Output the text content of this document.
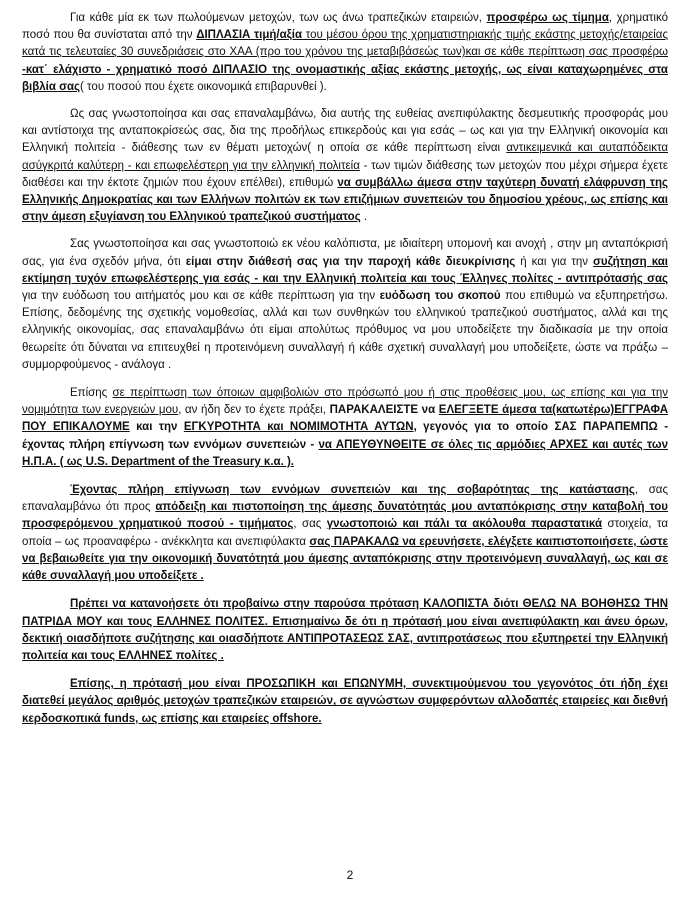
Για κάθε μία εκ των πωλούμενων μετοχών, των ως άνω τραπεζικών εταιρειών, προσφέρω ως τίμημα, χρηματικό ποσό που θα συνίσταται από την ΔΙΠΛΑΣΙΑ τιμή/αξία του μέσου όρου της χρηματιστηριακής τιμής εκάστης μετοχής/εταιρείας κατά τις τελευταίες 30 συνεδριάσεις στο ΧΑΑ (προ του χρόνου της μεταβιβάσεώς των)και σε κάθε περίπτωση σας προσφέρω -κατ΄ ελάχιστο - χρηματικό ποσό ΔΙΠΛΑΣΙΟ της ονομαστικής αξίας εκάστης μετοχής, ως είναι καταχωρημένες στα βιβλία σας( του ποσού που έχετε οικονομικά επιβαρυνθεί ).

Ως σας γνωστοποίησα και σας επαναλαμβάνω, δια αυτής της ευθείας ανεπιφύλακτης δεσμευτικής προσφοράς μου και αντίστοιχα της ανταποκρίσεώς σας, δια της προδήλως επικερδούς και για εσάς – ως και για την Ελληνική οικονομία και Ελληνική πολιτεία - διάθεσης των εν θέματι μετοχών( η οποία σε κάθε περίπτωση είναι αντικειμενικά και αυταπόδεικτα ασύγκριτά καλύτερη - και επωφελέστερη για την ελληνική πολιτεία - των τιμών διάθεσης των μετοχών που μέχρι σήμερα έχετε διαθέσει και την έκτοτε ζημιών που έχουν επέλθει), επιθυμώ να συμβάλλω άμεσα στην ταχύτερη δυνατή ελάφρυνση της Ελληνικής Δημοκρατίας και των Ελλήνων πολιτών εκ των επιζήμιων συνεπειών του δημοσίου χρέους, ως επίσης και στην άμεση εξυγίανση του Ελληνικού τραπεζικού συστήματος .

Σας γνωστοποίησα και σας γνωστοποιώ εκ νέου καλόπιστα, με ιδιαίτερη υπομονή και ανοχή , στην μη ανταπόκρισή σας, για ένα σχεδόν μήνα, ότι είμαι στην διάθεσή σας για την παροχή κάθε διευκρίνισης ή και για την συζήτηση και εκτίμηση τυχόν επωφελέστερης για εσάς - και την Ελληνική πολιτεία και τους Έλληνες πολίτες - αντιπρότασής σας για την ευόδωση του αιτήματός μου και σε κάθε περίπτωση για την ευόδωση του σκοπού που επιθυμώ να εξυπηρετήσω. Επίσης, δεδομένης της σχετικής νομοθεσίας, αλλά και των συνθηκών του ελληνικού τραπεζικού συστήματος, αλλά και της ελληνικής οικονομίας, σας επαναλαμβάνω ότι είμαι απολύτως πρόθυμος να μου υποδείξετε την διαδικασία με την οποία θεωρείτε ότι δύναται να επιτευχθεί η προτεινόμενη συναλλαγή ή κάθε σχετική συναλλαγή μου υποδείξετε, ώστε να πράξω – συμμορφούμενος - ανάλογα .

Επίσης σε περίπτωση των όποιων αμφιβολιών στο πρόσωπό μου ή στις προθέσεις μου, ως επίσης και για την νομιμότητα των ενεργειών μου, αν ήδη δεν το έχετε πράξει, ΠΑΡΑΚΑΛΕΙΣΤΕ να ΕΛΕΓΞΕΤΕ άμεσα τα(κατωτέρω)ΕΓΓΡΑΦΑ ΠΟΥ ΕΠΙΚΑΛΟΥΜΕ και την ΕΓΚΥΡΟΤΗΤΑ και ΝΟΜΙΜΟΤΗΤΑ ΑΥΤΩΝ, γεγονός για το οποίο ΣΑΣ ΠΑΡΑΠΕΜΠΩ - έχοντας πλήρη επίγνωση των εννόμων συνεπειών - να ΑΠΕΥΘΥΝΘΕΙΤΕ σε όλες τις αρμόδιες ΑΡΧΕΣ και αυτές των Η.Π.Α. ( ως U.S. Department of the Treasury κ.α. ).

Έχοντας πλήρη επίγνωση των εννόμων συνεπειών και της σοβαρότητας της κατάστασης, σας επαναλαμβάνω ότι προς απόδειξη και πιστοποίηση της άμεσης δυνατότητάς μου ανταπόκρισης στην καταβολή του προσφερόμενου χρηματικού ποσού - τιμήματος, σας γνωστοποιώ και πάλι τα ακόλουθα παραστατικά στοιχεία, τα οποία – ως προαναφέρω - ανέκκλητα και ανεπιφύλακτα σας ΠΑΡΑΚΑΛΩ να ερευνήσετε, ελέγξετε καιπιστοποιήσετε, ώστε να βεβαιωθείτε για την οικονομική δυνατότητά μου άμεσης ανταπόκρισης στην προτεινόμενη συναλλαγή, ως και σε κάθε συναλλαγή μου υποδείξετε .

Πρέπει να κατανοήσετε ότι προβαίνω στην παρούσα πρόταση ΚΑΛΟΠΙΣΤΑ διότι ΘΕΛΩ ΝΑ ΒΟΗΘΗΣΩ ΤΗΝ ΠΑΤΡΙΔΑ ΜΟΥ και τους ΕΛΛΗΝΕΣ ΠΟΛΙΤΕΣ. Επισημαίνω δε ότι η πρότασή μου είναι ανεπιφύλακτη και άνευ όρων, δεκτική οιασδήποτε συζήτησης και οιασδήποτε ΑΝΤΙΠΡΟΤΑΣΕΩΣ ΣΑΣ, αντιπροτάσεως που εξυπηρετεί την Ελληνική πολιτεία και τους ΕΛΛΗΝΕΣ πολίτες .

Επίσης, η πρότασή μου είναι ΠΡΟΣΩΠΙΚΗ και ΕΠΩΝΥΜΗ, συνεκτιμούμενου του γεγονότος ότι ήδη έχει διατεθεί μεγάλος αριθμός μετοχών τραπεζικών εταιρειών, σε αγνώστων συμφερόντων αλλοδαπές εταιρείες και διεθνή κερδοσκοπικά funds, ως επίσης και εταιρείες offshore.

2
